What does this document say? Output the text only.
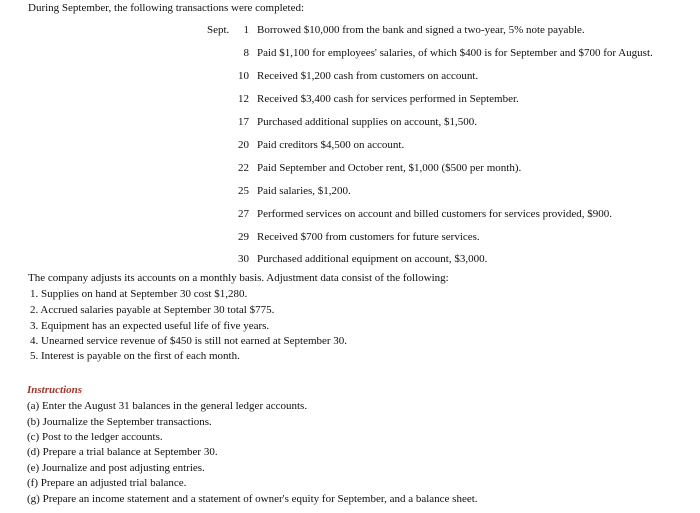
During September, the following transactions were completed:
Sept.	1 Borrowed $10,000 from the bank and signed a two-year, 5% note payable.
8 Paid $1,100 for employees' salaries, of which $400 is for September and $700 for August.
10 Received $1,200 cash from customers on account.
12 Received $3,400 cash for services performed in September.
17 Purchased additional supplies on account, $1,500.
20 Paid creditors $4,500 on account.
22 Paid September and October rent, $1,000 ($500 per month).
25 Paid salaries, $1,200.
27 Performed services on account and billed customers for services provided, $900.
29 Received $700 from customers for future services.
30 Purchased additional equipment on account, $3,000.
The company adjusts its accounts on a monthly basis. Adjustment data consist of the following:
1. Supplies on hand at September 30 cost $1,280.
2. Accrued salaries payable at September 30 total $775.
3. Equipment has an expected useful life of five years.
4. Unearned service revenue of $450 is still not earned at September 30.
5. Interest is payable on the first of each month.
Instructions
(a) Enter the August 31 balances in the general ledger accounts.
(b) Journalize the September transactions.
(c) Post to the ledger accounts.
(d) Prepare a trial balance at September 30.
(e) Journalize and post adjusting entries.
(f) Prepare an adjusted trial balance.
(g) Prepare an income statement and a statement of owner's equity for September, and a balance sheet.
